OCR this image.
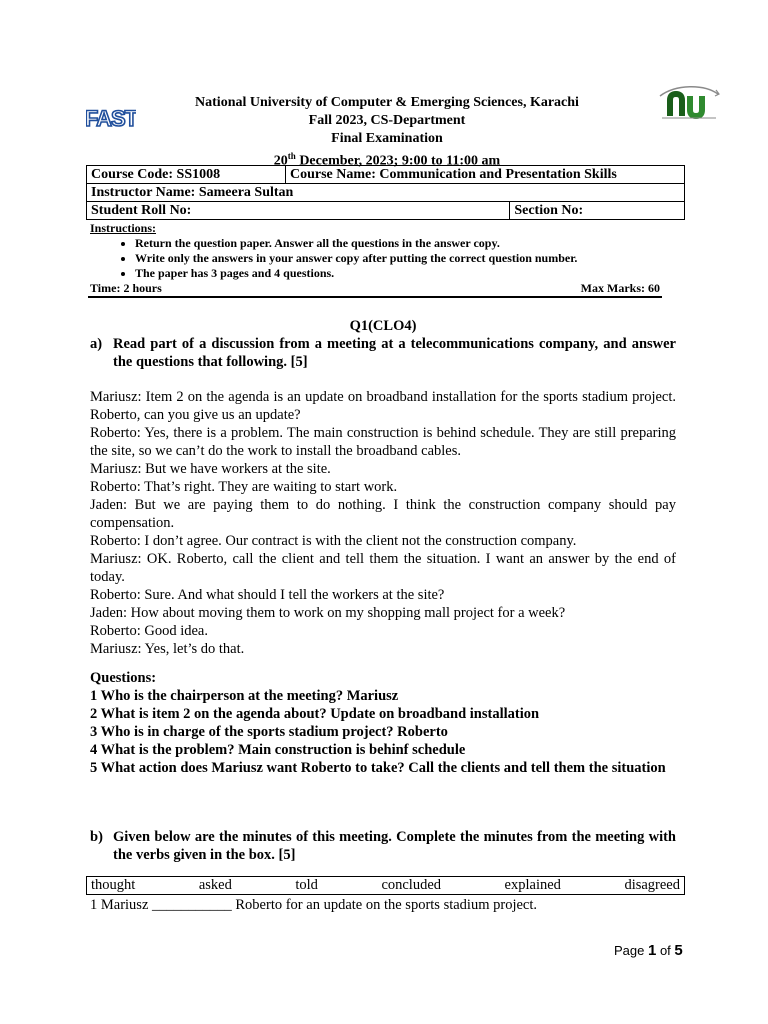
FAST
National University of Computer & Emerging Sciences, Karachi
Fall 2023, CS-Department
Final Examination
20th December, 2023; 9:00 to 11:00 am
Course Code: SS1008	Course Name: Communication and Presentation Skills	
Instructor Name: Sameera Sultan		
Student Roll No:		Section No:
Instructions:
• Return the question paper. Answer all the questions in the answer copy.
• Write only the answers in your answer copy after putting the correct question number.
• The paper has 3 pages and 4 questions.
Time: 2 hours	Max Marks: 60
Q1(CLO4)
a) Read part of a discussion from a meeting at a telecommunications company, and answer the questions that following. [5]
Mariusz: Item 2 on the agenda is an update on broadband installation for the sports stadium project. Roberto, can you give us an update?
Roberto: Yes, there is a problem. The main construction is behind schedule. They are still preparing the site, so we can’t do the work to install the broadband cables.
Mariusz: But we have workers at the site.
Roberto: That’s right. They are waiting to start work.
Jaden: But we are paying them to do nothing. I think the construction company should pay compensation.
Roberto: I don’t agree. Our contract is with the client not the construction company.
Mariusz: OK. Roberto, call the client and tell them the situation. I want an answer by the end of today.
Roberto: Sure. And what should I tell the workers at the site?
Jaden: How about moving them to work on my shopping mall project for a week?
Roberto: Good idea.
Mariusz: Yes, let’s do that.
Questions:
1 Who is the chairperson at the meeting? Mariusz
2 What is item 2 on the agenda about? Update on broadband installation
3 Who is in charge of the sports stadium project? Roberto
4 What is the problem? Main construction is behinf schedule
5 What action does Mariusz want Roberto to take? Call the clients and tell them the situation
b) Given below are the minutes of this meeting. Complete the minutes from the meeting with the verbs given in the box. [5]
thought	asked	told	concluded	explained	disagreed
1 Mariusz ___________ Roberto for an update on the sports stadium project.
Page 1 of 5
